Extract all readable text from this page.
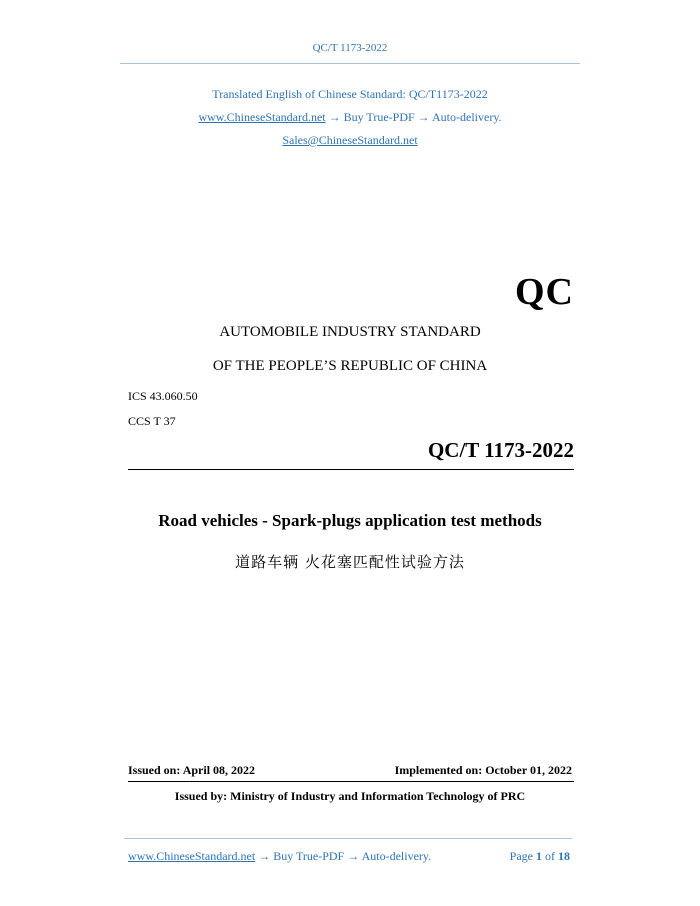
QC/T 1173-2022
Translated English of Chinese Standard: QC/T1173-2022
www.ChineseStandard.net → Buy True-PDF → Auto-delivery.
Sales@ChineseStandard.net
QC
AUTOMOBILE INDUSTRY STANDARD
OF THE PEOPLE’S REPUBLIC OF CHINA
ICS 43.060.50
CCS T 37
QC/T 1173-2022
Road vehicles - Spark-plugs application test methods
道路车辆 火花塞匹配性试验方法
Issued on: April 08, 2022	Implemented on: October 01, 2022
Issued by: Ministry of Industry and Information Technology of PRC
www.ChineseStandard.net → Buy True-PDF → Auto-delivery.	Page 1 of 18
